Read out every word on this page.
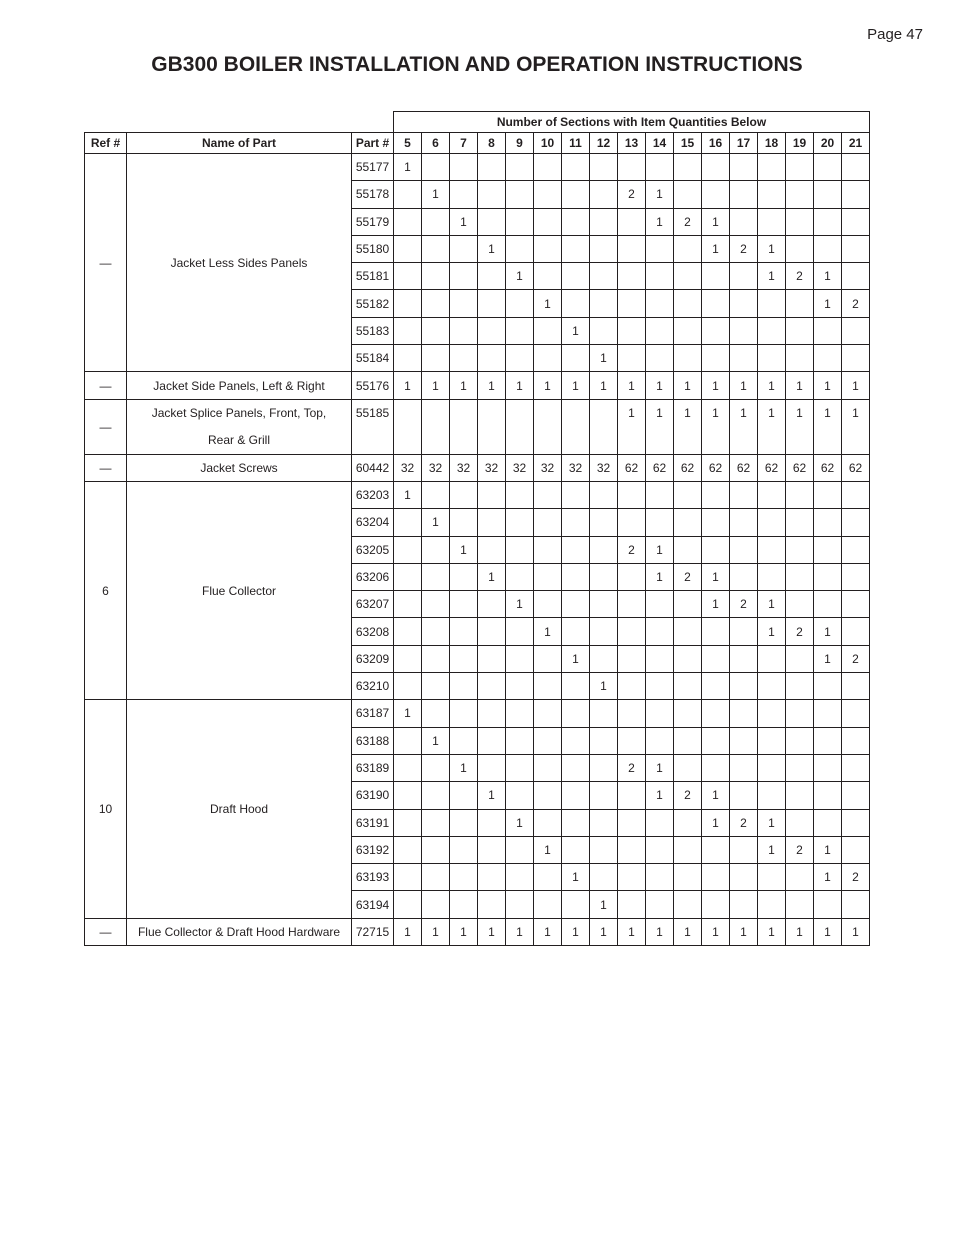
Page 47
GB300 BOILER INSTALLATION AND OPERATION INSTRUCTIONS
			Number of Sections with Item Quantities Below																
Ref #	Name of Part	Part #	5	6	7	8	9	10	11	12	13	14	15	16	17	18	19	20	21
—	Jacket Less Sides Panels	55177	1																
		55178		1							2	1							
		55179			1							1	2	1					
		55180				1								1	2	1			
		55181					1									1	2	1	
		55182						1										1	2
		55183							1										
		55184								1									
—	Jacket Side Panels, Left & Right	55176	1	1	1	1	1	1	1	1	1	1	1	1	1	1	1	1	1
—	Jacket Splice Panels, Front, Top,
Rear & Grill	55185									1	1	1	1	1	1	1	1	1
—	Jacket Screws	60442	32	32	32	32	32	32	32	32	62	62	62	62	62	62	62	62	62
6	Flue Collector	63203	1																
		63204		1															
		63205			1						2	1							
		63206				1						1	2	1					
		63207					1							1	2	1			
		63208						1								1	2	1	
		63209							1									1	2
		63210								1									
10	Draft Hood	63187	1																
		63188		1															
		63189			1						2	1							
		63190				1						1	2	1					
		63191					1							1	2	1			
		63192						1								1	2	1	
		63193							1									1	2
		63194								1									
—	Flue Collector & Draft Hood Hardware	72715	1	1	1	1	1	1	1	1	1	1	1	1	1	1	1	1	1
